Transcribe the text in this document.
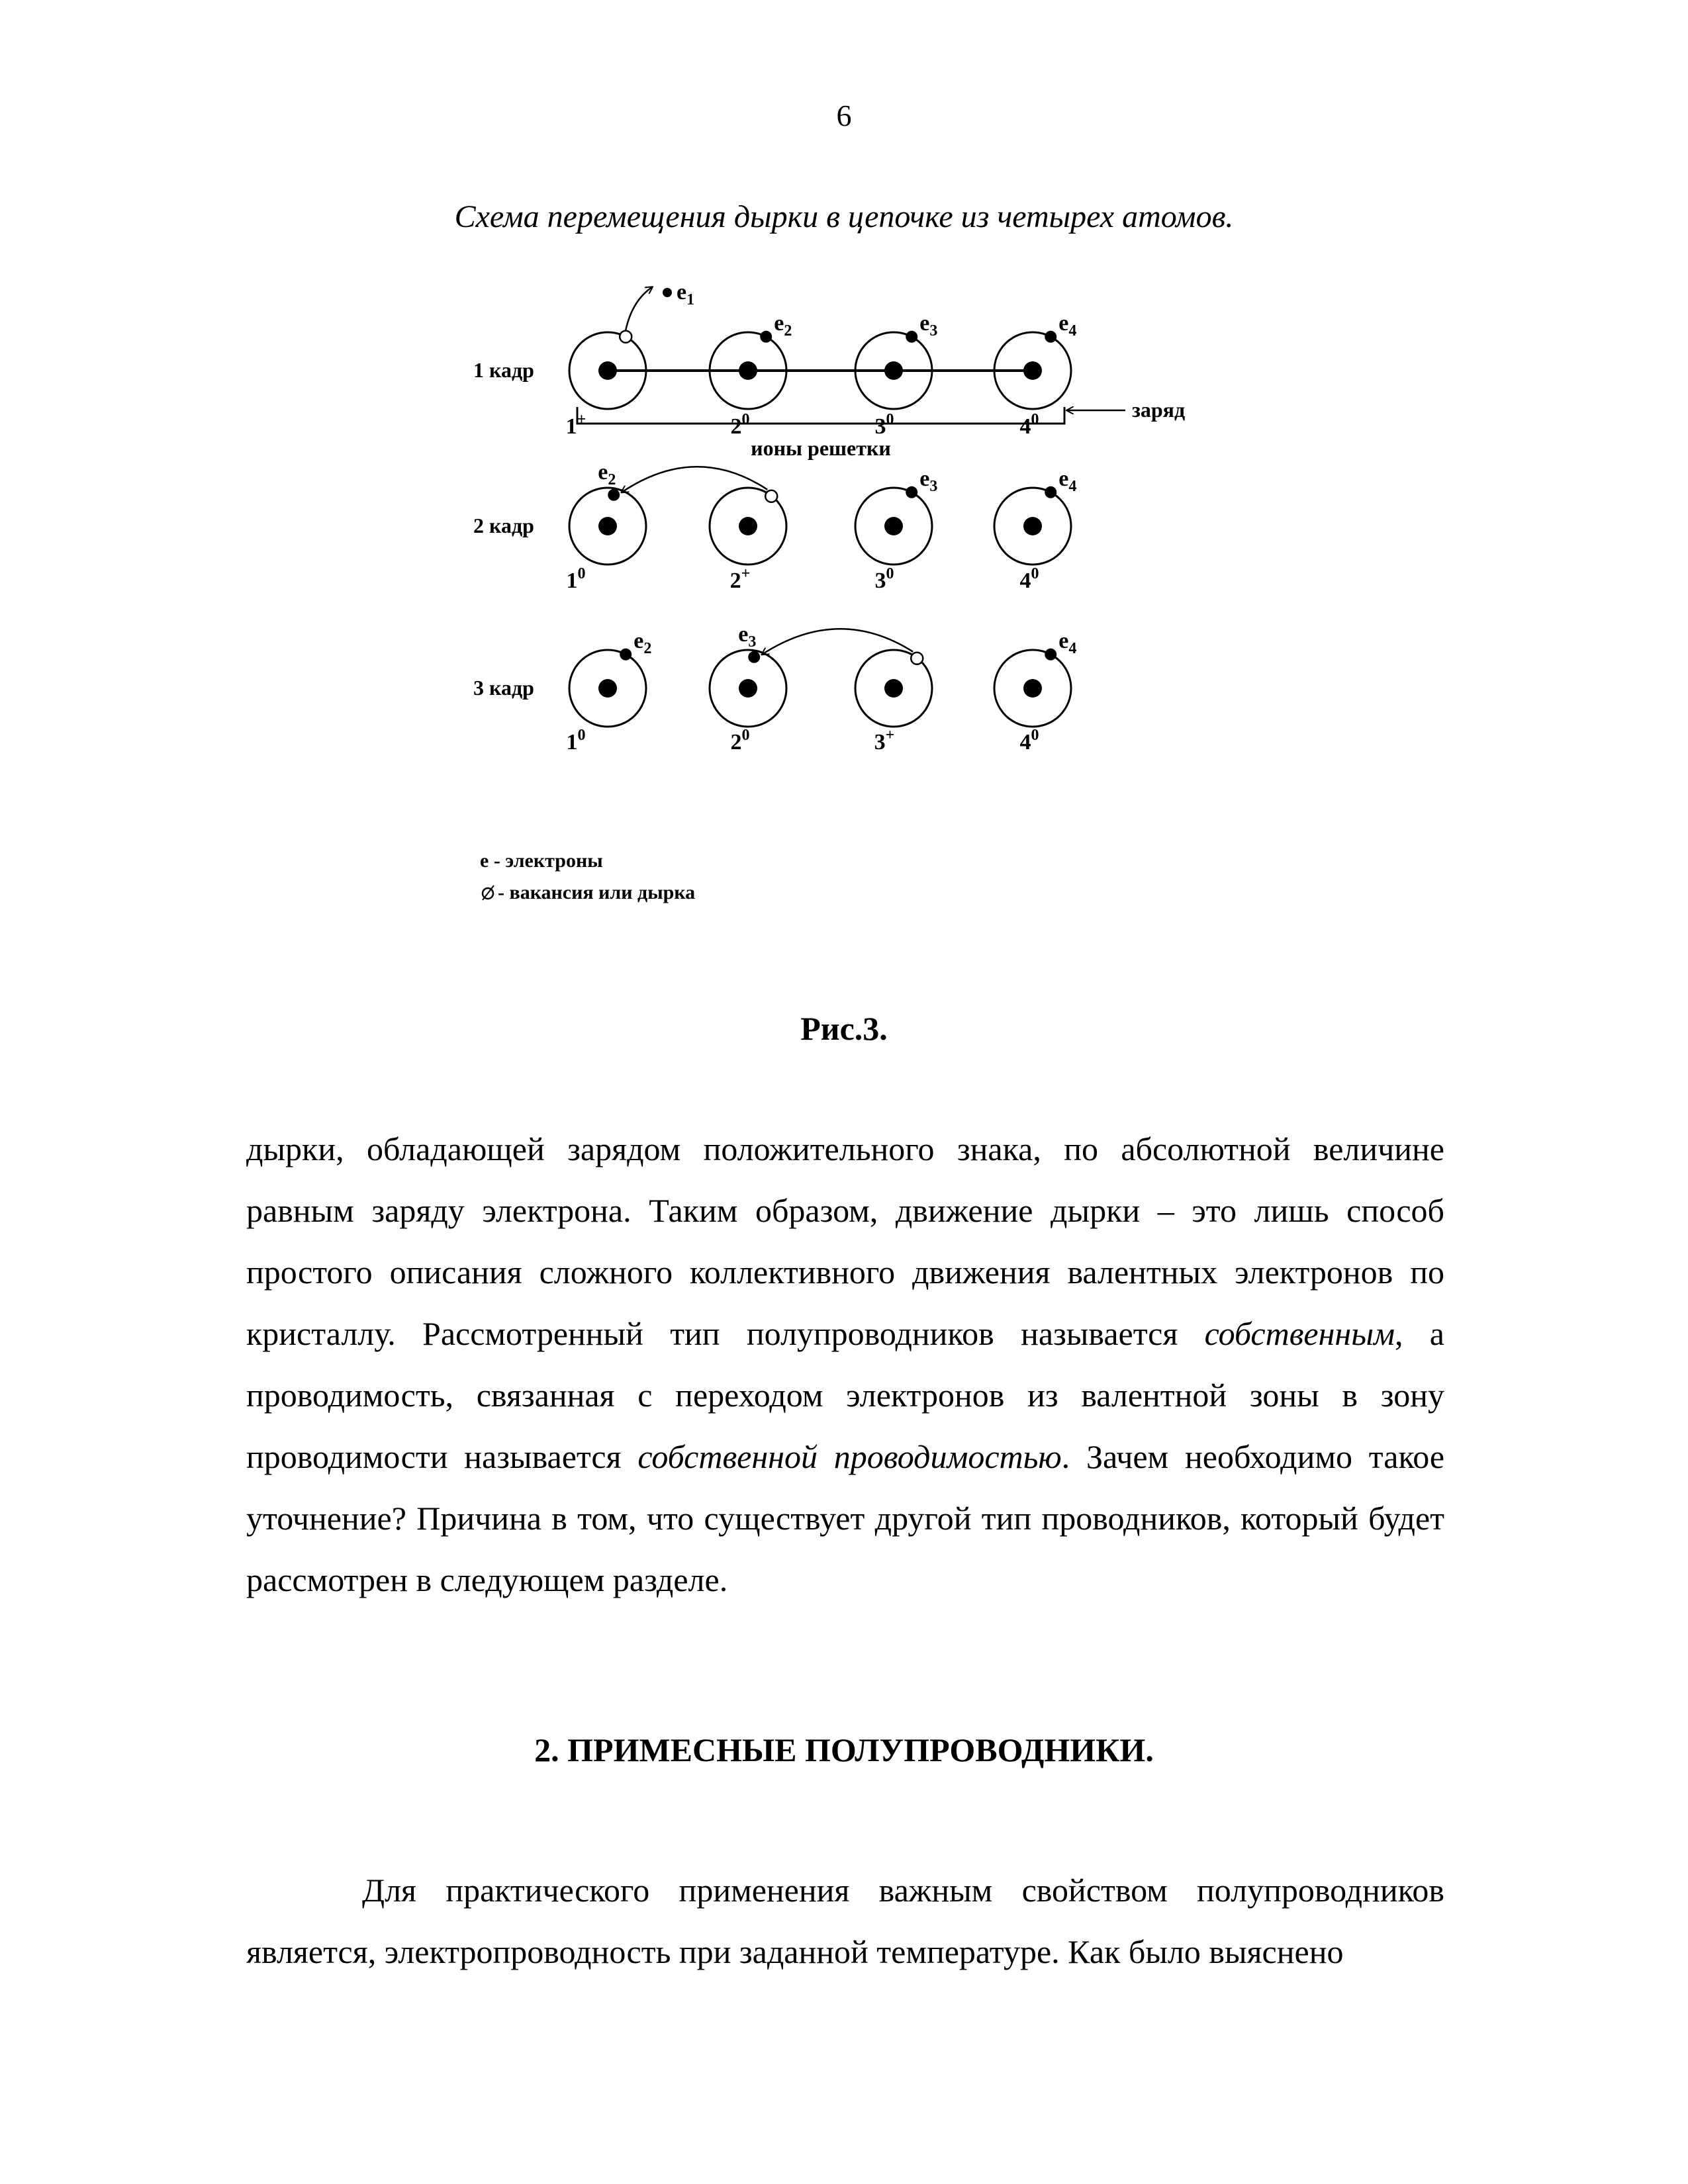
6
Схема перемещения дырки в цепочке из четырех атомов.
1 кадр
2 кадр
3 кадр
$e_1$
$e_2$	$e_3$	$e_4$
$e_2$	$e_3$	$e_4$
$e_2$
$e_3$	$e_4$
1+	$2^0$	$3^0$	$4^0$
$1^0$	2+	$3^0$	$4^0$
$1^0$	$2^0$	3+	$4^0$
ионы решетки
заряд
е - электроны
- вакансия или дырка
Рис.3.
дырки, обладающей зарядом положительного знака, по абсолютной величине равным заряду электрона. Таким образом, движение дырки – это лишь способ простого описания сложного коллективного движения валентных электронов по кристаллу. Рассмотренный тип полупроводников называется собственным, а проводимость, связанная с переходом электронов из валентной зоны в зону проводимости называется собственной проводимостью. Зачем необходимо такое уточнение? Причина в том, что существует другой тип проводников, который будет рассмотрен в следующем разделе.
2. ПРИМЕСНЫЕ ПОЛУПРОВОДНИКИ.
Для практического применения важным свойством полупроводников является, электропроводность при заданной температуре. Как было выяснено
